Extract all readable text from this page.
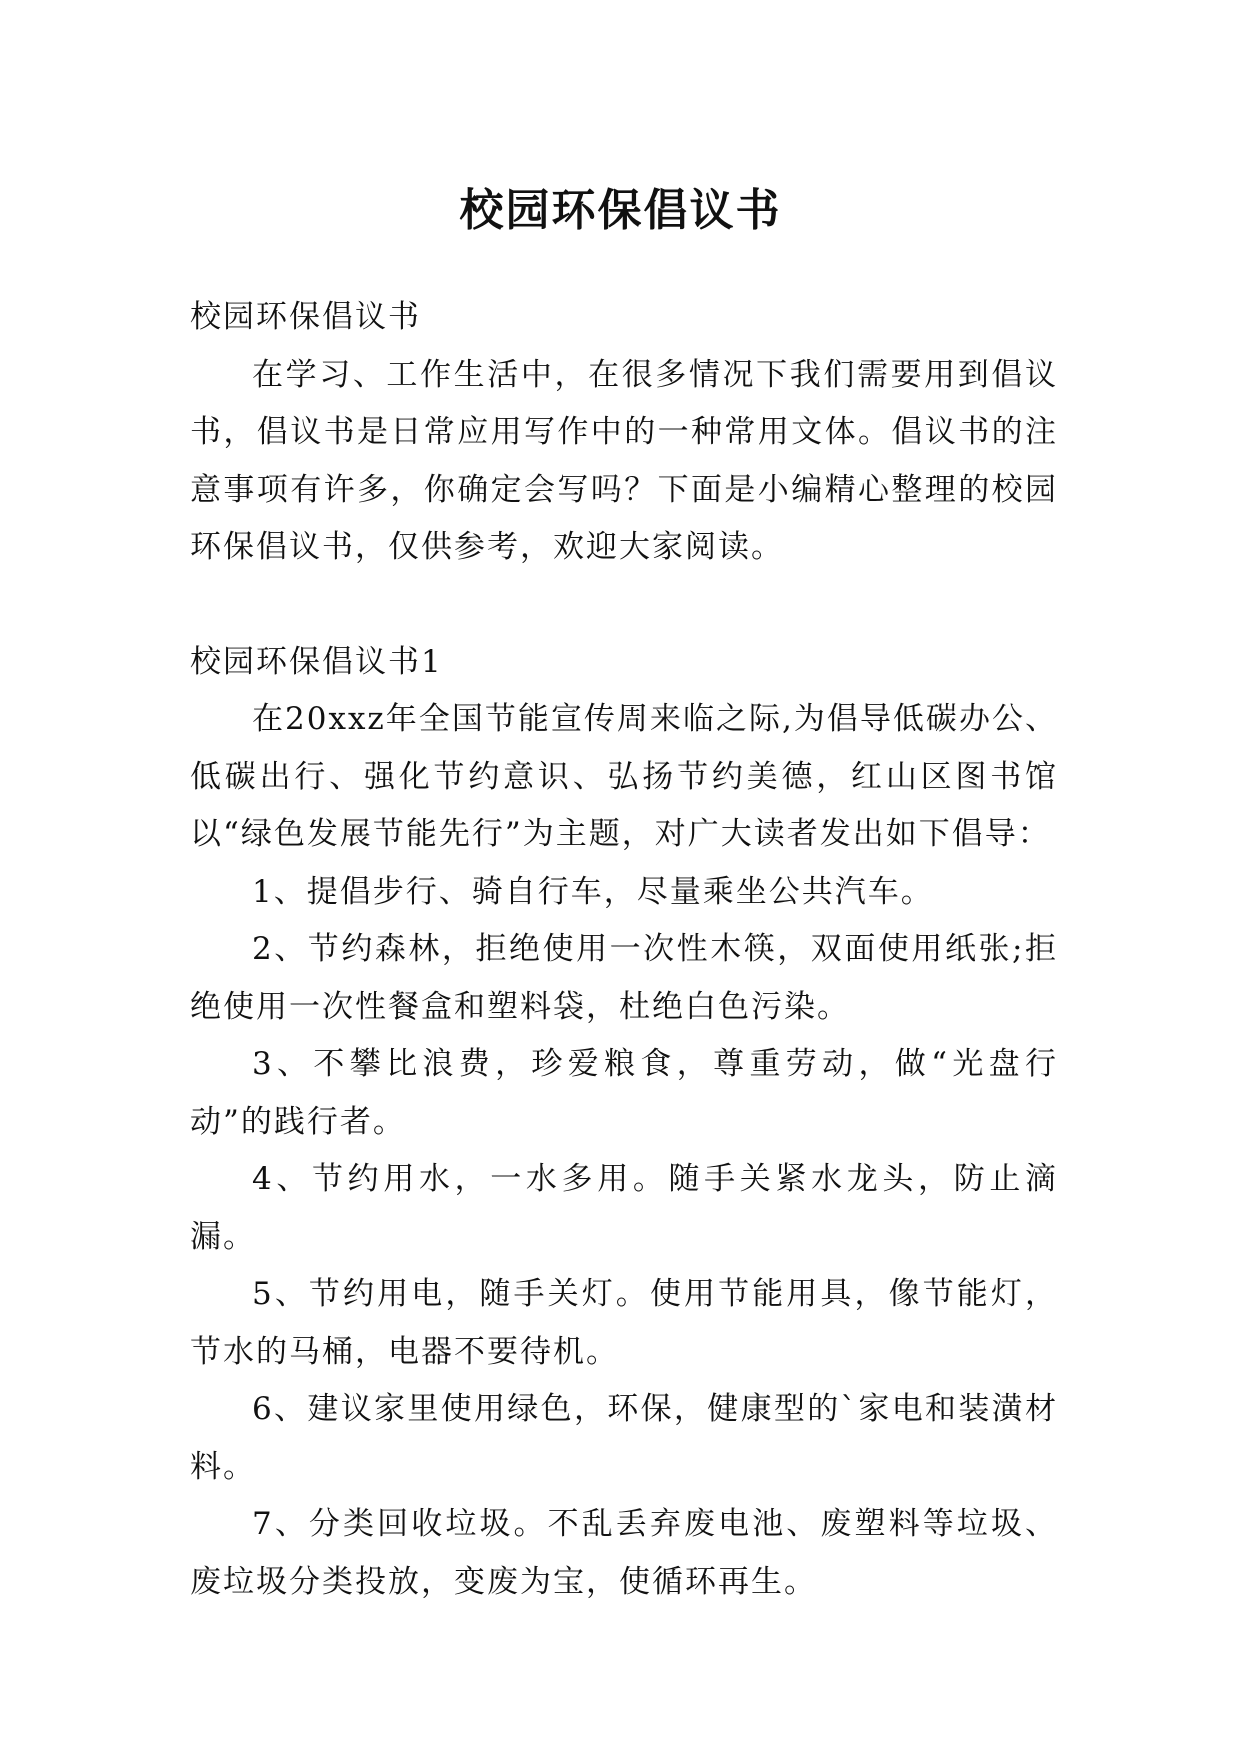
校园环保倡议书

校园环保倡议书

在学习、工作生活中，在很多情况下我们需要用到倡议书，倡议书是日常应用写作中的一种常用文体。倡议书的注意事项有许多，你确定会写吗？下面是小编精心整理的校园环保倡议书，仅供参考，欢迎大家阅读。

校园环保倡议书1

在20xxz年全国节能宣传周来临之际,为倡导低碳办公、低碳出行、强化节约意识、弘扬节约美德，红山区图书馆以“绿色发展节能先行”为主题，对广大读者发出如下倡导：

1、提倡步行、骑自行车，尽量乘坐公共汽车。

2、节约森林，拒绝使用一次性木筷，双面使用纸张;拒绝使用一次性餐盒和塑料袋，杜绝白色污染。

3、不攀比浪费，珍爱粮食，尊重劳动，做“光盘行动”的践行者。

4、节约用水，一水多用。随手关紧水龙头，防止滴漏。

5、节约用电，随手关灯。使用节能用具，像节能灯，节水的马桶，电器不要待机。

6、建议家里使用绿色，环保，健康型的`家电和装潢材料。

7、分类回收垃圾。不乱丢弃废电池、废塑料等垃圾、废垃圾分类投放，变废为宝，使循环再生。
